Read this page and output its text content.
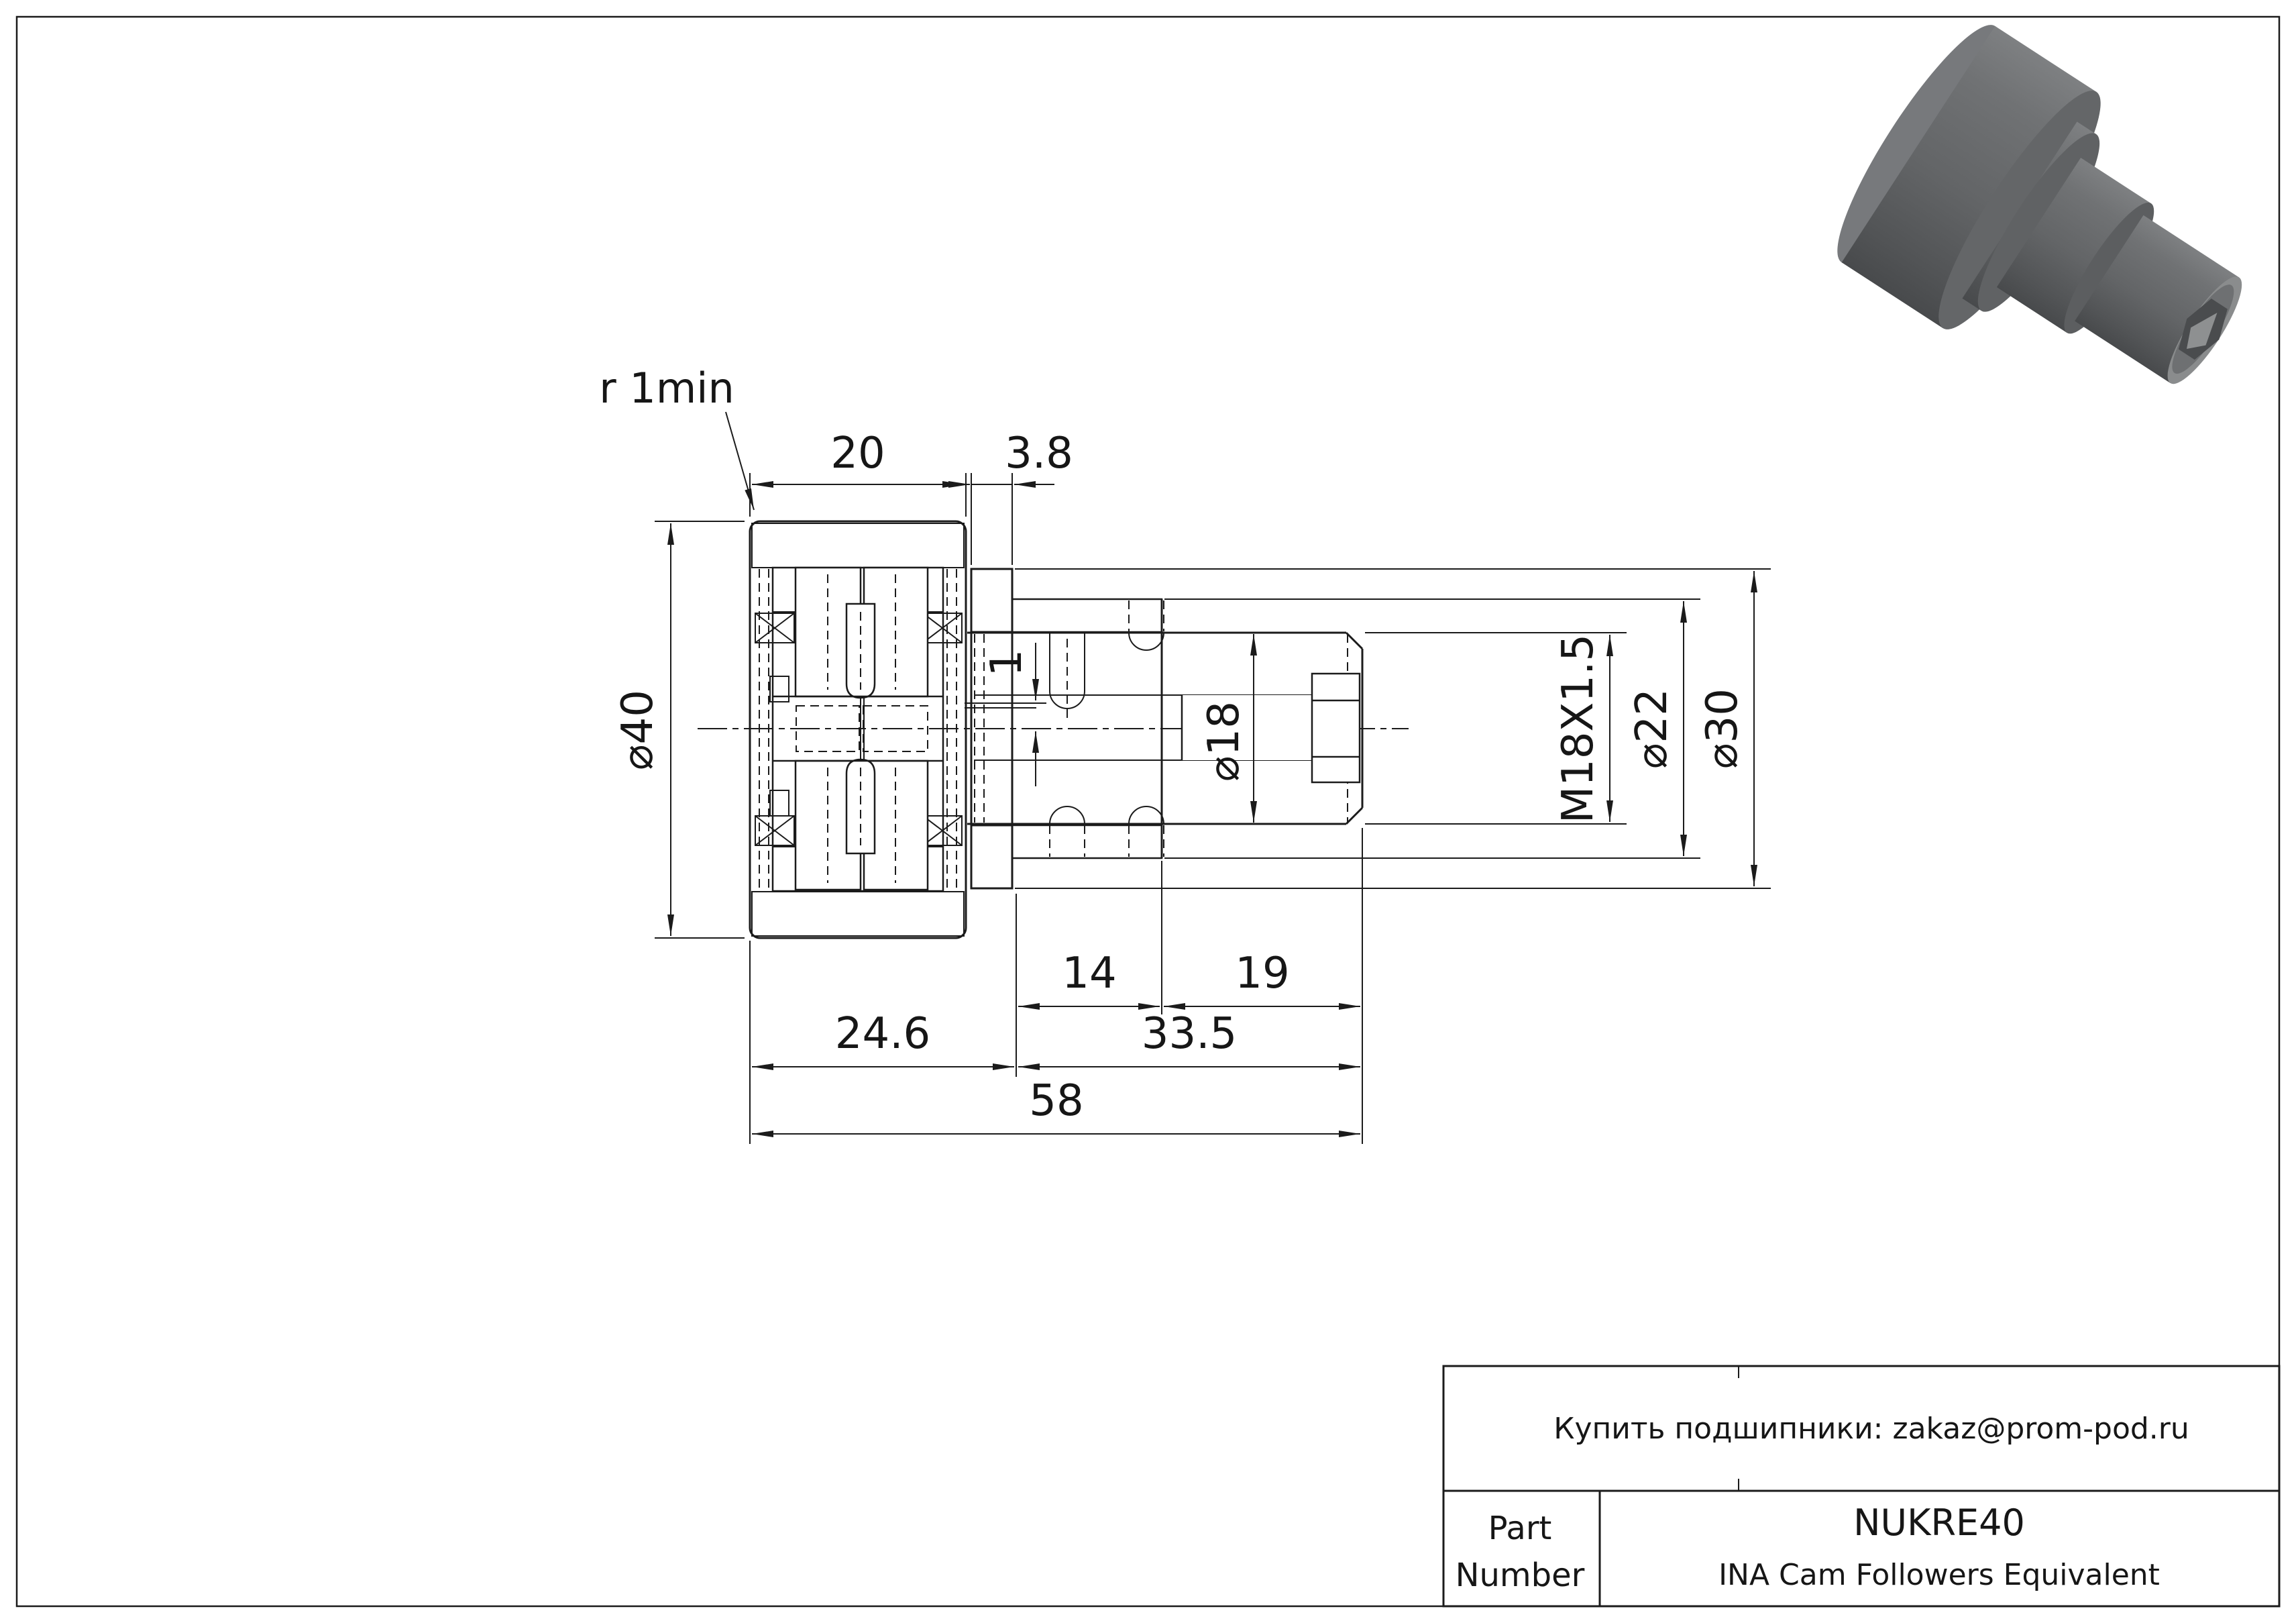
20	3.8
r 1min
⌀40
1
⌀18	M18X1.5 ⌀22 ⌀30
14	19
24.6	33.5
58
Купить подшипники: zakaz@prom-pod.ru
Part
Number
NUKRE40
INA Cam Followers Equivalent
